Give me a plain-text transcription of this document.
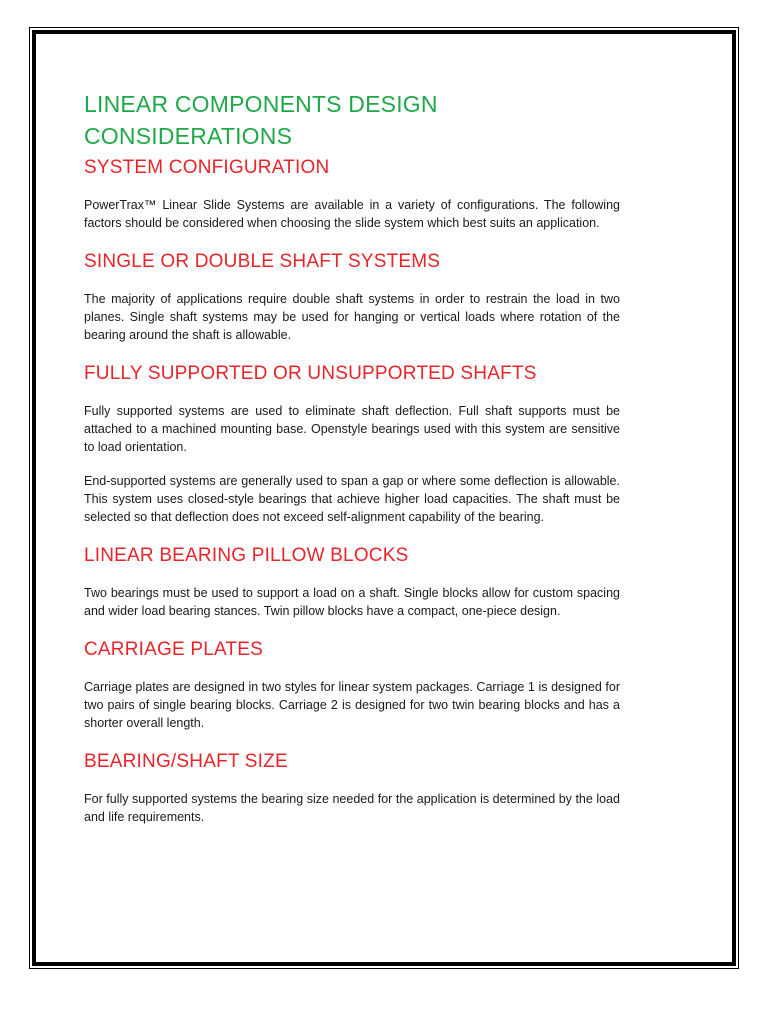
LINEAR COMPONENTS DESIGN CONSIDERATIONS
SYSTEM CONFIGURATION

PowerTrax™ Linear Slide Systems are available in a variety of configurations. The following factors should be considered when choosing the slide system which best suits an application.

SINGLE OR DOUBLE SHAFT SYSTEMS

The majority of applications require double shaft systems in order to restrain the load in two planes. Single shaft systems may be used for hanging or vertical loads where rotation of the bearing around the shaft is allowable.

FULLY SUPPORTED OR UNSUPPORTED SHAFTS

Fully supported systems are used to eliminate shaft deflection. Full shaft supports must be attached to a machined mounting base. Openstyle bearings used with this system are sensitive to load orientation.

End-supported systems are generally used to span a gap or where some deflection is allowable. This system uses closed-style bearings that achieve higher load capacities. The shaft must be selected so that deflection does not exceed self-alignment capability of the bearing.

LINEAR BEARING PILLOW BLOCKS

Two bearings must be used to support a load on a shaft. Single blocks allow for custom spacing and wider load bearing stances. Twin pillow blocks have a compact, one-piece design.

CARRIAGE PLATES

Carriage plates are designed in two styles for linear system packages. Carriage 1 is designed for two pairs of single bearing blocks. Carriage 2 is designed for two twin bearing blocks and has a shorter overall length.

BEARING/SHAFT SIZE

For fully supported systems the bearing size needed for the application is determined by the load and life requirements.
